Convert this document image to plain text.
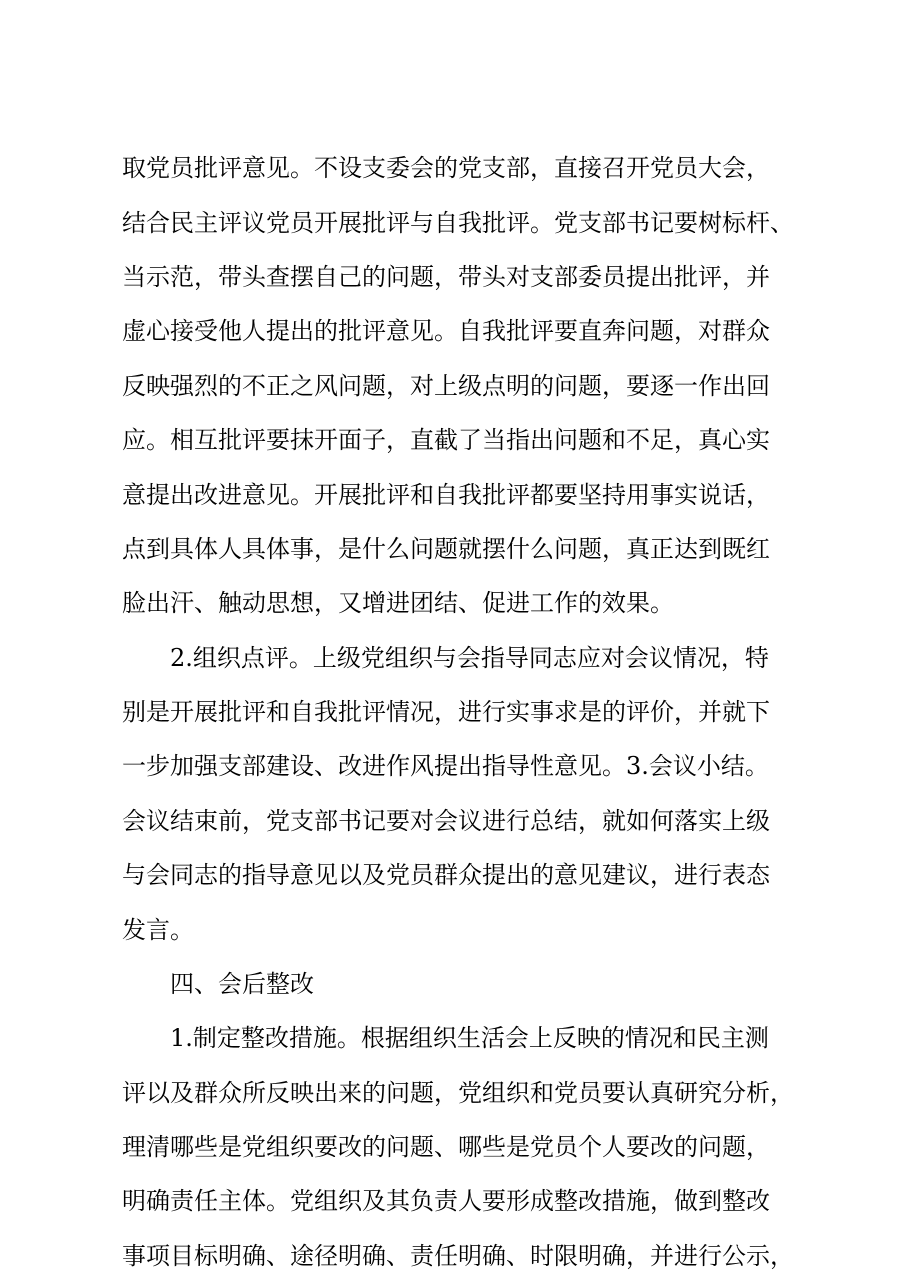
取党员批评意见。不设支委会的党支部，直接召开党员大会，
结合民主评议党员开展批评与自我批评。党支部书记要树标杆、
当示范，带头查摆自己的问题，带头对支部委员提出批评，并
虚心接受他人提出的批评意见。自我批评要直奔问题，对群众
反映强烈的不正之风问题，对上级点明的问题，要逐一作出回
应。相互批评要抹开面子，直截了当指出问题和不足，真心实
意提出改进意见。开展批评和自我批评都要坚持用事实说话，
点到具体人具体事，是什么问题就摆什么问题，真正达到既红
脸出汗、触动思想，又增进团结、促进工作的效果。
2.组织点评。上级党组织与会指导同志应对会议情况，特
别是开展批评和自我批评情况，进行实事求是的评价，并就下
一步加强支部建设、改进作风提出指导性意见。3.会议小结。
会议结束前，党支部书记要对会议进行总结，就如何落实上级
与会同志的指导意见以及党员群众提出的意见建议，进行表态
发言。
四、会后整改
1.制定整改措施。根据组织生活会上反映的情况和民主测
评以及群众所反映出来的问题，党组织和党员要认真研究分析，
理清哪些是党组织要改的问题、哪些是党员个人要改的问题，
明确责任主体。党组织及其负责人要形成整改措施，做到整改
事项目标明确、途径明确、责任明确、时限明确，并进行公示，
